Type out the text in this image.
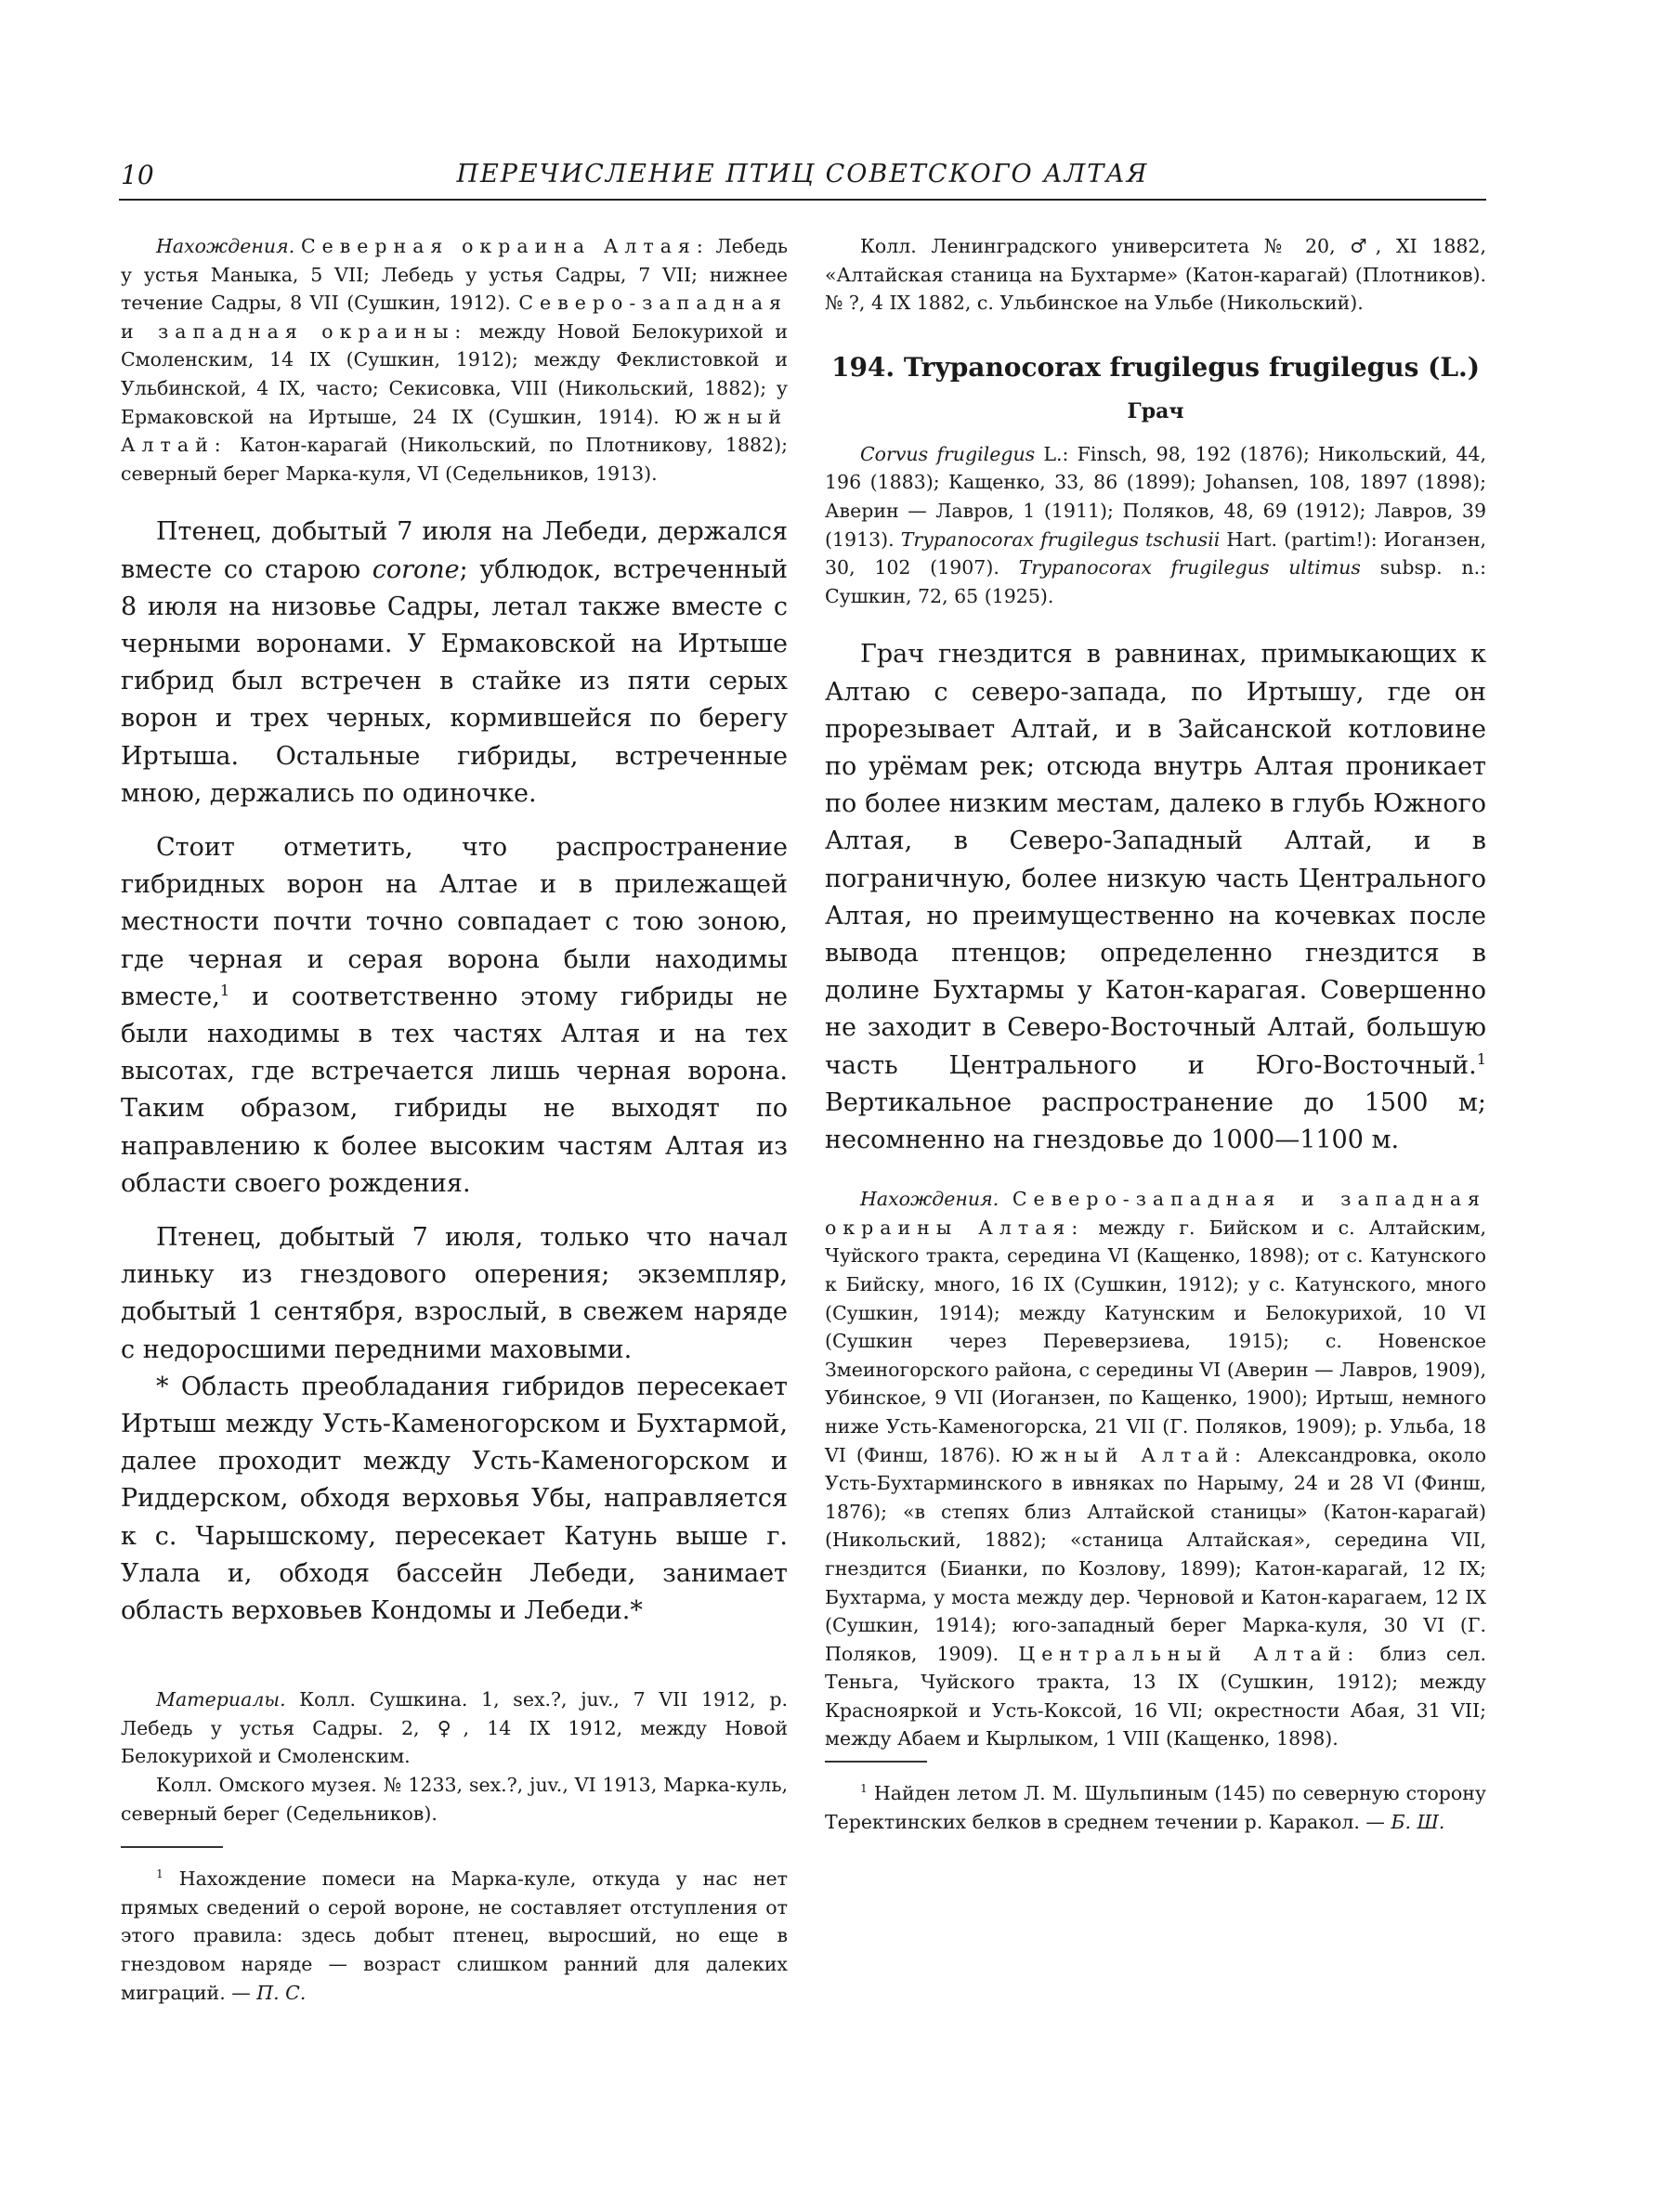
10	ПЕРЕЧИСЛЕНИЕ ПТИЦ СОВЕТСКОГО АЛТАЯ

Нахождения. Северная окраина Алтая: Лебедь у устья Маныка, 5 VII; Лебедь у устья Садры, 7 VII; нижнее течение Садры, 8 VII (Сушкин, 1912). Северо-западная и западная окраины: между Новой Белокурихой и Смоленским, 14 IX (Сушкин, 1912); между Феклистовкой и Ульбинской, 4 IX, часто; Секисовка, VIII (Никольский, 1882); у Ермаковской на Иртыше, 24 IX (Сушкин, 1914). Южный Алтай: Катон-карагай (Никольский, по Плотникову, 1882); северный берег Марка-куля, VI (Седельников, 1913).

Птенец, добытый 7 июля на Лебеди, держался вместе со старою corone; ублюдок, встреченный 8 июля на низовье Садры, летал также вместе с черными воронами. У Ермаковской на Иртыше гибрид был встречен в стайке из пяти серых ворон и трех черных, кормившейся по берегу Иртыша. Остальные гибриды, встреченные мною, держались по одиночке.

Стоит отметить, что распространение гибридных ворон на Алтае и в прилежащей местности почти точно совпадает с тою зоною, где черная и серая ворона были находимы вместе,$^1$ и соответственно этому гибриды не были находимы в тех частях Алтая и на тех высотах, где встречается лишь черная ворона. Таким образом, гибриды не выходят по направлению к более высоким частям Алтая из области своего рождения.

Птенец, добытый 7 июля, только что начал линьку из гнездового оперения; экземпляр, добытый 1 сентября, взрослый, в свежем наряде с недоросшими передними маховыми.

* Область преобладания гибридов пересекает Иртыш между Усть-Каменогорском и Бухтармой, далее проходит между Усть-Каменогорском и Риддерском, обходя верховья Убы, направляется к с. Чарышскому, пересекает Катунь выше г. Улала и, обходя бассейн Лебеди, занимает область верховьев Кондомы и Лебеди.*

Материалы. Колл. Сушкина. 1, sex.?, juv., 7 VII 1912, р. Лебедь у устья Садры. 2, ♀, 14 IX 1912, между Новой Белокурихой и Смоленским.

Колл. Омского музея. № 1233, sex.?, juv., VI 1913, Марка-куль, северный берег (Седельников).

$^1$ Нахождение помеси на Марка-куле, откуда у нас нет прямых сведений о серой вороне, не составляет отступления от этого правила: здесь добыт птенец, выросший, но еще в гнездовом наряде — возраст слишком ранний для далеких миграций. — П. С.

Колл. Ленинградского университета № 20, ♂, XI 1882, «Алтайская станица на Бухтарме» (Катон-карагай) (Плотников). № ?, 4 IX 1882, с. Ульбинское на Ульбе (Никольский).

194. Trypanocorax frugilegus frugilegus (L.)

Грач

Corvus frugilegus L.: Finsch, 98, 192 (1876); Никольский, 44, 196 (1883); Кащенко, 33, 86 (1899); Johansen, 108, 1897 (1898); Аверин — Лавров, 1 (1911); Поляков, 48, 69 (1912); Лавров, 39 (1913). Trypanocorax frugilegus tschusii Hart. (partim!): Иоганзен, 30, 102 (1907). Trypanocorax frugilegus ultimus subsp. n.: Сушкин, 72, 65 (1925).

Грач гнездится в равнинах, примыкающих к Алтаю с северо-запада, по Иртышу, где он прорезывает Алтай, и в Зайсанской котловине по урёмам рек; отсюда внутрь Алтая проникает по более низким местам, далеко в глубь Южного Алтая, в Северо-Западный Алтай, и в пограничную, более низкую часть Центрального Алтая, но преимущественно на кочевках после вывода птенцов; определенно гнездится в долине Бухтармы у Катон-карагая. Совершенно не заходит в Северо-Восточный Алтай, большую часть Центрального и Юго-Восточный.$^1$ Вертикальное распространение до 1500 м; несомненно на гнездовье до 1000—1100 м.

Нахождения. Северо-западная и западная окраины Алтая: между г. Бийском и с. Алтайским, Чуйского тракта, середина VI (Кащенко, 1898); от с. Катунского к Бийску, много, 16 IX (Сушкин, 1912); у с. Катунского, много (Сушкин, 1914); между Катунским и Белокурихой, 10 VI (Сушкин через Переверзиева, 1915); с. Новенское Змеиногорского района, с середины VI (Аверин — Лавров, 1909), Убинское, 9 VII (Иоганзен, по Кащенко, 1900); Иртыш, немного ниже Усть-Каменогорска, 21 VII (Г. Поляков, 1909); р. Ульба, 18 VI (Финш, 1876). Южный Алтай: Александровка, около Усть-Бухтарминского в ивняках по Нарыму, 24 и 28 VI (Финш, 1876); «в степях близ Алтайской станицы» (Катон-карагай) (Никольский, 1882); «станица Алтайская», середина VII, гнездится (Бианки, по Козлову, 1899); Катон-карагай, 12 IX; Бухтарма, у моста между дер. Черновой и Катон-карагаем, 12 IX (Сушкин, 1914); юго-западный берег Марка-куля, 30 VI (Г. Поляков, 1909). Центральный Алтай: близ сел. Теньга, Чуйского тракта, 13 IX (Сушкин, 1912); между Краснояркой и Усть-Коксой, 16 VII; окрестности Абая, 31 VII; между Абаем и Кырлыком, 1 VIII (Кащенко, 1898).

$^1$ Найден летом Л. М. Шульпиным (145) по северную сторону Теректинских белков в среднем течении р. Каракол. — Б. Ш.
